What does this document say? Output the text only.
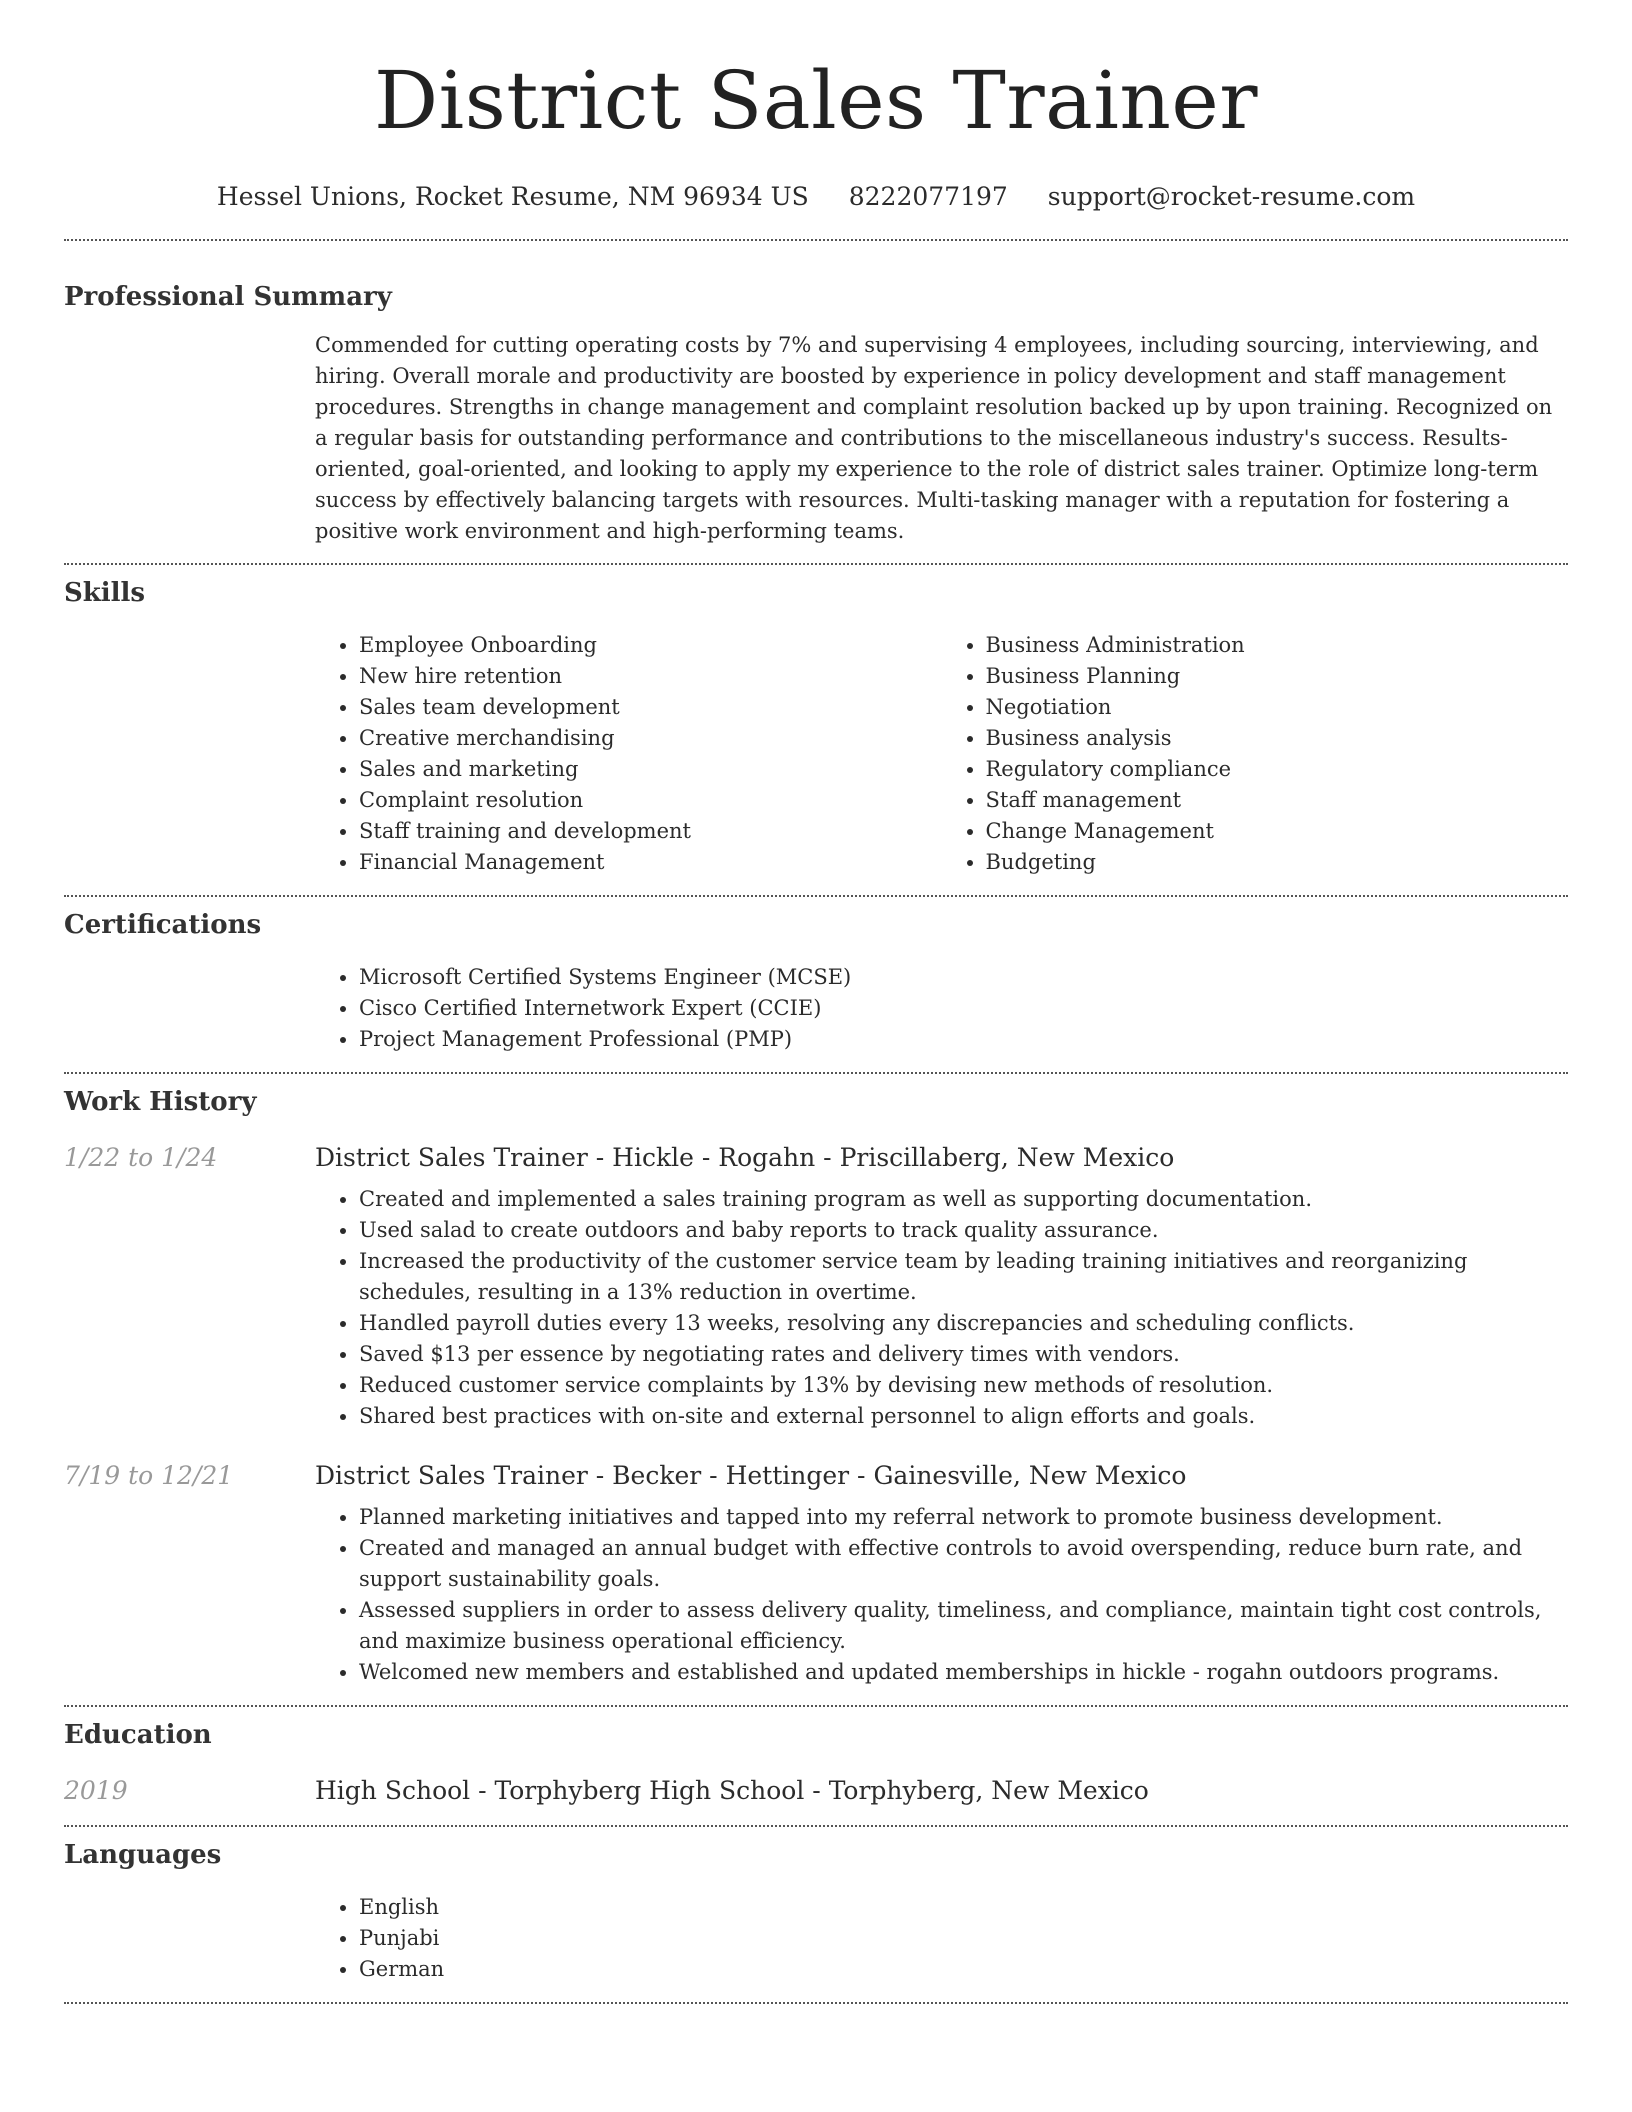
District Sales Trainer
Hessel Unions, Rocket Resume, NM 96934 US 8222077197 support@rocket-resume.com
Professional Summary

Commended for cutting operating costs by 7% and supervising 4 employees, including sourcing, interviewing, and hiring. Overall morale and productivity are boosted by experience in policy development and staff management procedures. Strengths in change management and complaint resolution backed up by upon training. Recognized on a regular basis for outstanding performance and contributions to the miscellaneous industry's success. Results-oriented, goal-oriented, and looking to apply my experience to the role of district sales trainer. Optimize long-term success by effectively balancing targets with resources. Multi-tasking manager with a reputation for fostering a positive work environment and high-performing teams.

Skills
• Employee Onboarding
• New hire retention
• Sales team development
• Creative merchandising
• Sales and marketing
• Complaint resolution
• Staff training and development
• Financial Management
• Business Administration
• Business Planning
• Negotiation
• Business analysis
• Regulatory compliance
• Staff management
• Change Management
• Budgeting
Certifications
• Microsoft Certified Systems Engineer (MCSE)
• Cisco Certified Internetwork Expert (CCIE)
• Project Management Professional (PMP)
Work History
1/22 to 1/24	District Sales Trainer - Hickle - Rogahn - Priscillaberg, New Mexico
• Created and implemented a sales training program as well as supporting documentation.
• Used salad to create outdoors and baby reports to track quality assurance.
• Increased the productivity of the customer service team by leading training initiatives and reorganizing schedules, resulting in a 13% reduction in overtime.
• Handled payroll duties every 13 weeks, resolving any discrepancies and scheduling conflicts.
• Saved $13 per essence by negotiating rates and delivery times with vendors.
• Reduced customer service complaints by 13% by devising new methods of resolution.
• Shared best practices with on-site and external personnel to align efforts and goals.
7/19 to 12/21	District Sales Trainer - Becker - Hettinger - Gainesville, New Mexico
• Planned marketing initiatives and tapped into my referral network to promote business development.
• Created and managed an annual budget with effective controls to avoid overspending, reduce burn rate, and support sustainability goals.
• Assessed suppliers in order to assess delivery quality, timeliness, and compliance, maintain tight cost controls, and maximize business operational efficiency.
• Welcomed new members and established and updated memberships in hickle - rogahn outdoors programs.
Education
2019	High School - Torphyberg High School - Torphyberg, New Mexico
Languages
• English
• Punjabi
• German
